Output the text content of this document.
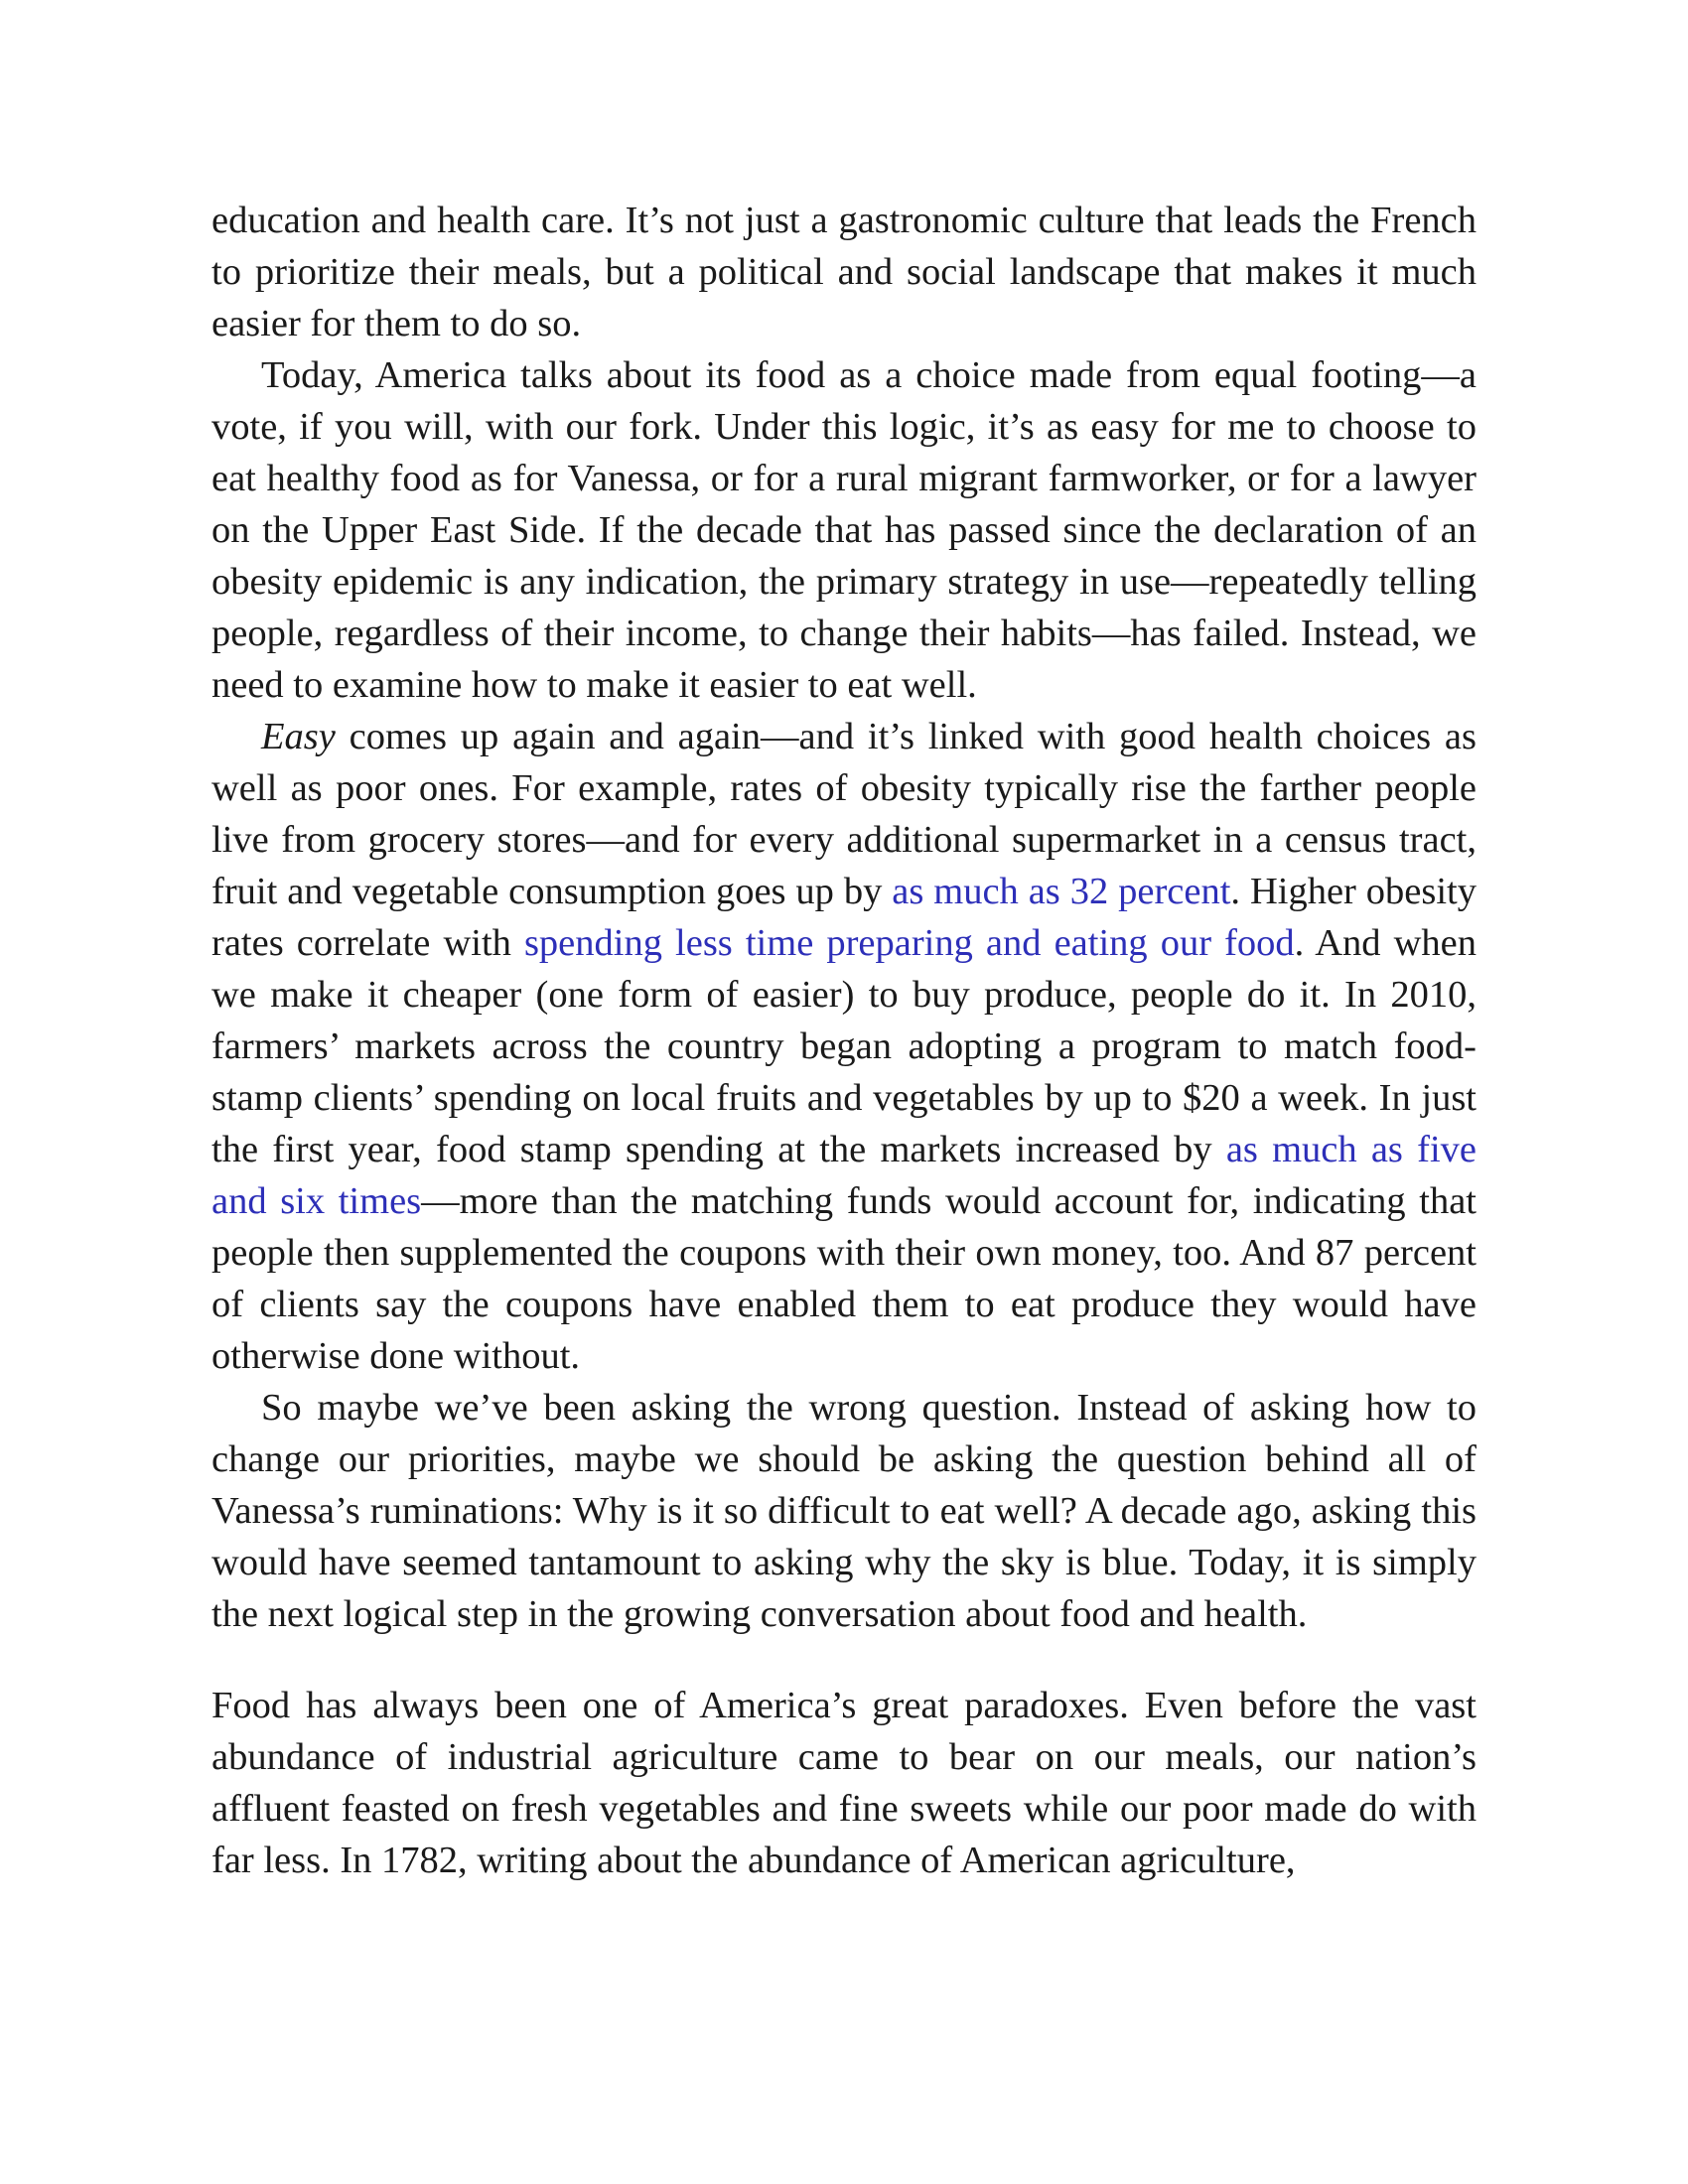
education and health care. It’s not just a gastronomic culture that leads the French to prioritize their meals, but a political and social landscape that makes it much easier for them to do so.

Today, America talks about its food as a choice made from equal footing—a vote, if you will, with our fork. Under this logic, it’s as easy for me to choose to eat healthy food as for Vanessa, or for a rural migrant farmworker, or for a lawyer on the Upper East Side. If the decade that has passed since the declaration of an obesity epidemic is any indication, the primary strategy in use—repeatedly telling people, regardless of their income, to change their habits—has failed. Instead, we need to examine how to make it easier to eat well.

Easy comes up again and again—and it’s linked with good health choices as well as poor ones. For example, rates of obesity typically rise the farther people live from grocery stores—and for every additional supermarket in a census tract, fruit and vegetable consumption goes up by as much as 32 percent. Higher obesity rates correlate with spending less time preparing and eating our food. And when we make it cheaper (one form of easier) to buy produce, people do it. In 2010, farmers’ markets across the country began adopting a program to match food-stamp clients’ spending on local fruits and vegetables by up to $20 a week. In just the first year, food stamp spending at the markets increased by as much as five and six times—more than the matching funds would account for, indicating that people then supplemented the coupons with their own money, too. And 87 percent of clients say the coupons have enabled them to eat produce they would have otherwise done without.

So maybe we’ve been asking the wrong question. Instead of asking how to change our priorities, maybe we should be asking the question behind all of Vanessa’s ruminations: Why is it so difficult to eat well? A decade ago, asking this would have seemed tantamount to asking why the sky is blue. Today, it is simply the next logical step in the growing conversation about food and health.

Food has always been one of America’s great paradoxes. Even before the vast abundance of industrial agriculture came to bear on our meals, our nation’s affluent feasted on fresh vegetables and fine sweets while our poor made do with far less. In 1782, writing about the abundance of American agriculture,
